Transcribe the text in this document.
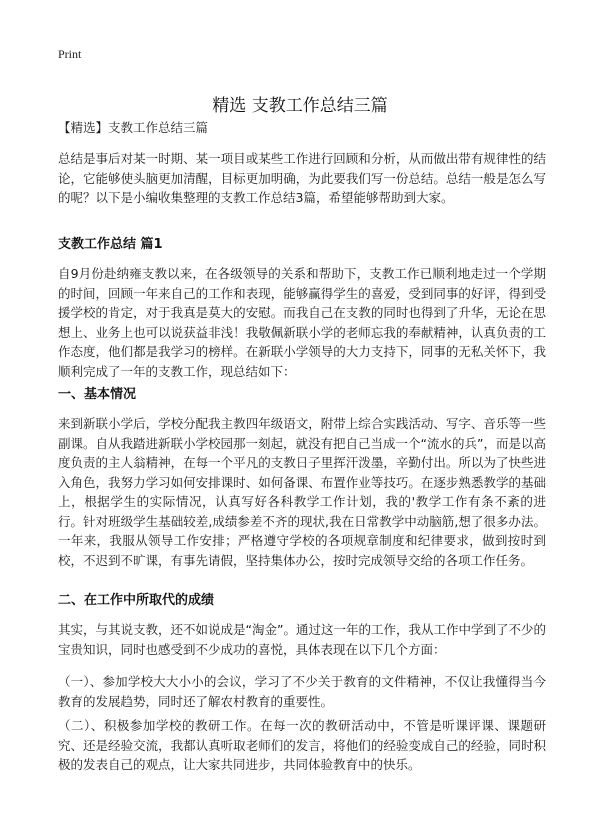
Print
精选 支教工作总结三篇
【精选】支教工作总结三篇

总结是事后对某一时期、某一项目或某些工作进行回顾和分析，从而做出带有规律性的结论，它能够使头脑更加清醒，目标更加明确，为此要我们写一份总结。总结一般是怎么写的呢？以下是小编收集整理的支教工作总结3篇，希望能够帮助到大家。

支教工作总结 篇1

自9月份赴纳雍支教以来，在各级领导的关系和帮助下，支教工作已顺利地走过一个学期的时间，回顾一年来自己的工作和表现，能够赢得学生的喜爱，受到同事的好评，得到受援学校的肯定，对于我真是莫大的安慰。而我自己在支教的同时也得到了升华，无论在思想上、业务上也可以说获益非浅！我敬佩新联小学的老师忘我的奉献精神，认真负责的工作态度，他们都是我学习的榜样。在新联小学领导的大力支持下，同事的无私关怀下，我顺利完成了一年的支教工作，现总结如下：

一、基本情况

来到新联小学后，学校分配我主教四年级语文，附带上综合实践活动、写字、音乐等一些副课。自从我踏进新联小学校园那一刻起，就没有把自己当成一个“流水的兵”，而是以高度负责的主人翁精神，在每一个平凡的支教日子里挥汗泼墨，辛勤付出。所以为了快些进入角色，我努力学习如何安排课时、如何备课、布置作业等技巧。在逐步熟悉教学的基础上，根据学生的实际情况，认真写好各科教学工作计划，我的'教学工作有条不紊的进行。针对班级学生基础较差,成绩参差不齐的现状,我在日常教学中动脑筋,想了很多办法。一年来，我服从领导工作安排；严格遵守学校的各项规章制度和纪律要求，做到按时到校，不迟到不旷课，有事先请假，坚持集体办公，按时完成领导交给的各项工作任务。

二、在工作中所取代的成绩

其实，与其说支教，还不如说成是“淘金”。通过这一年的工作，我从工作中学到了不少的宝贵知识，同时也感受到不少成功的喜悦，具体表现在以下几个方面：

（一）、参加学校大大小小的会议，学习了不少关于教育的文件精神，不仅让我懂得当今教育的发展趋势，同时还了解农村教育的重要性。

（二）、积极参加学校的教研工作。在每一次的教研活动中，不管是听课评课、课题研究、还是经验交流，我都认真听取老师们的发言，将他们的经验变成自己的经验，同时积极的发表自己的观点，让大家共同进步，共同体验教育中的快乐。
